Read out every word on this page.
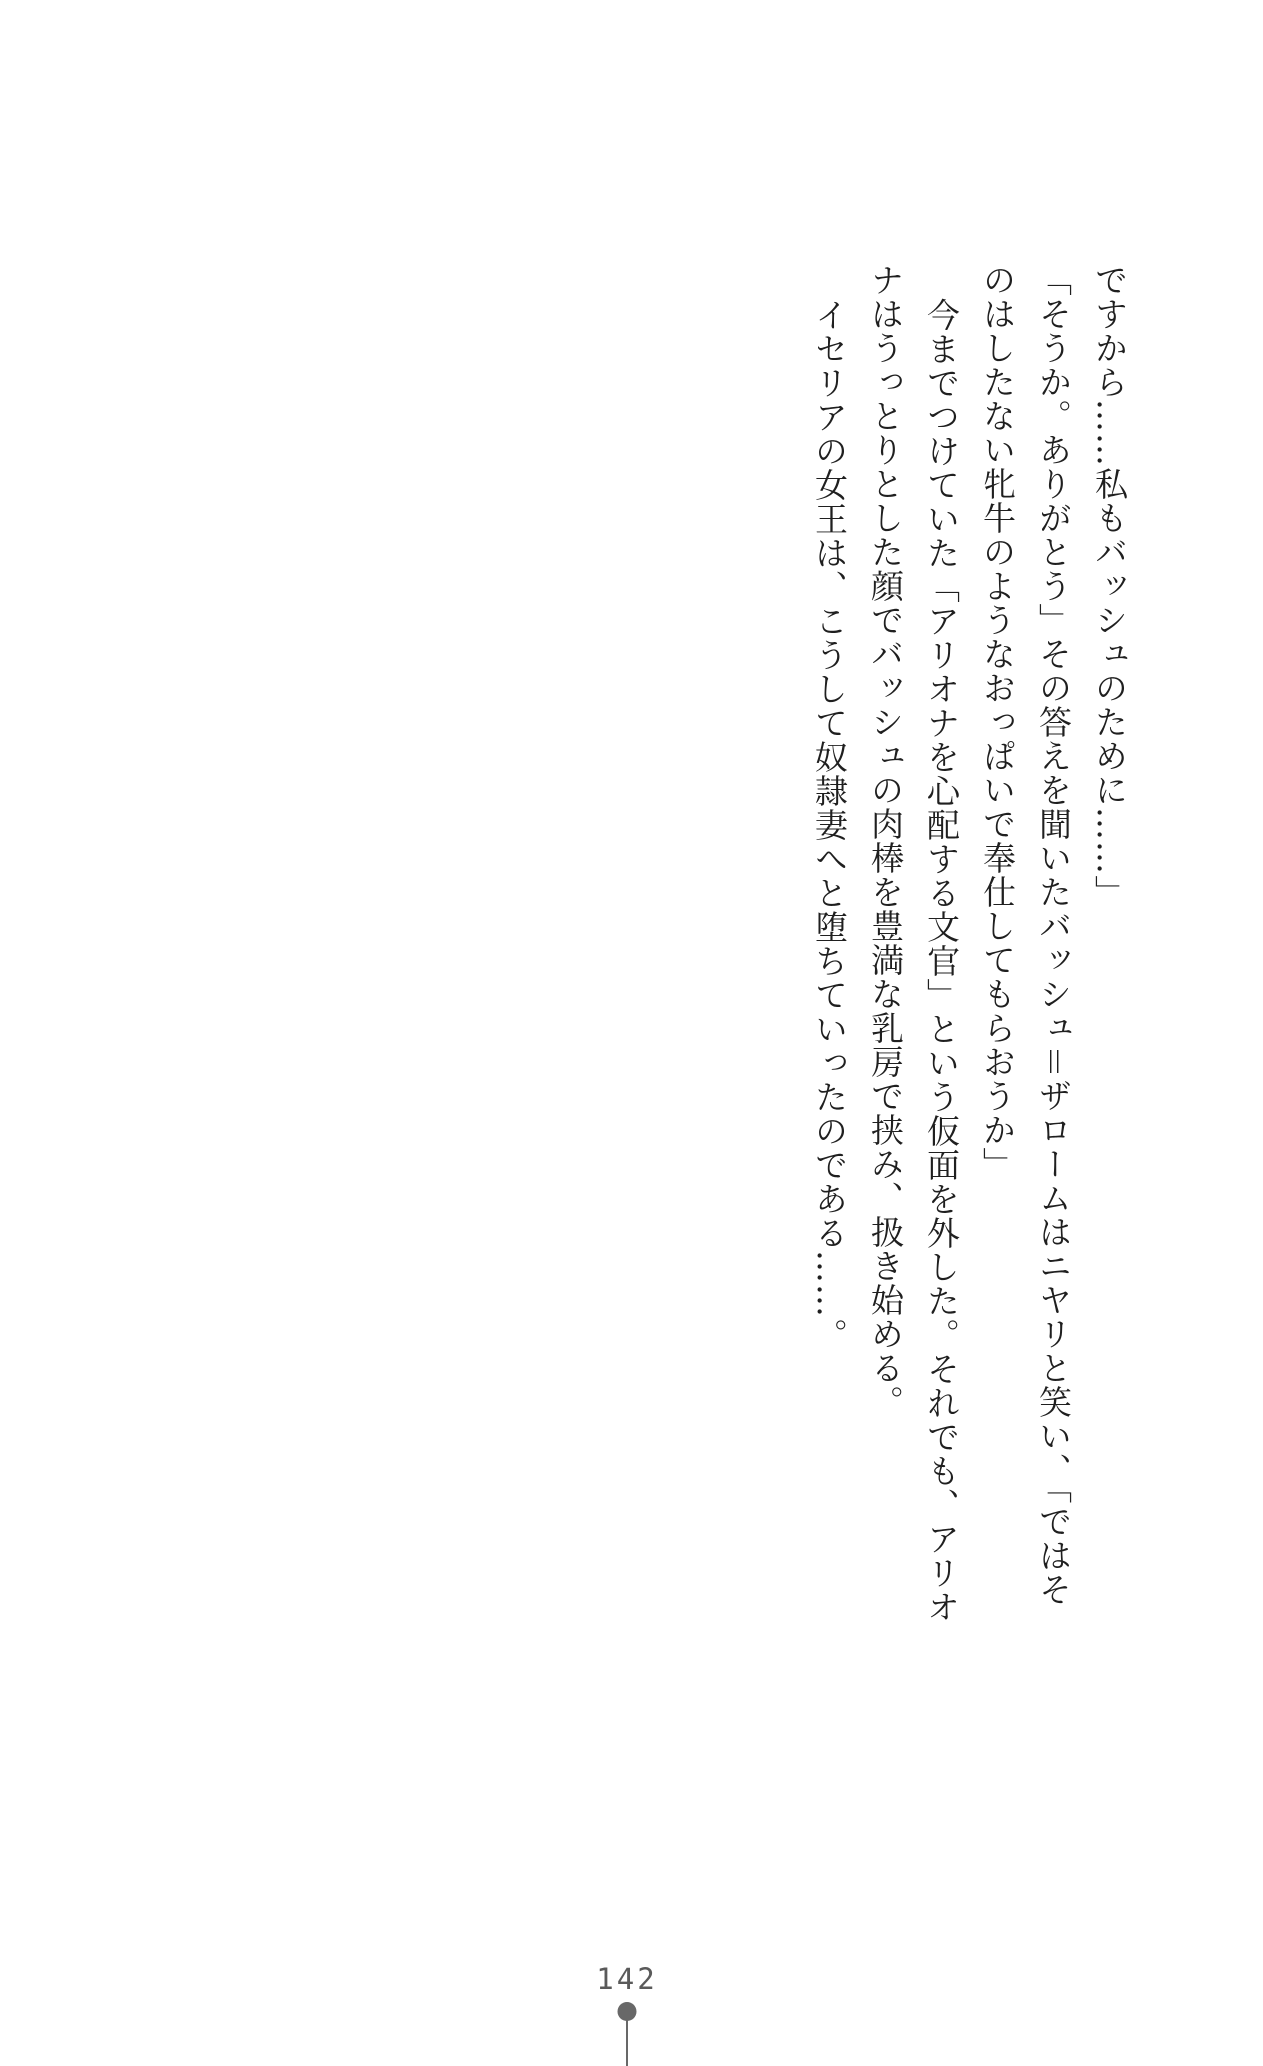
ですから……私もバッシュのために……」

「そうか。ありがとう」その答えを聞いたバッシュ＝ザロームはニヤリと笑い、「ではそ

のはしたない牝牛のようなおっぱいで奉仕してもらおうか」

今までつけていた「アリオナを心配する文官」という仮面を外した。それでも、アリオ

ナはうっとりとした顔でバッシュの肉棒を豊満な乳房で挟み、扱き始める。

イセリアの女王は、こうして奴隷妻へと堕ちていったのである……。

142
